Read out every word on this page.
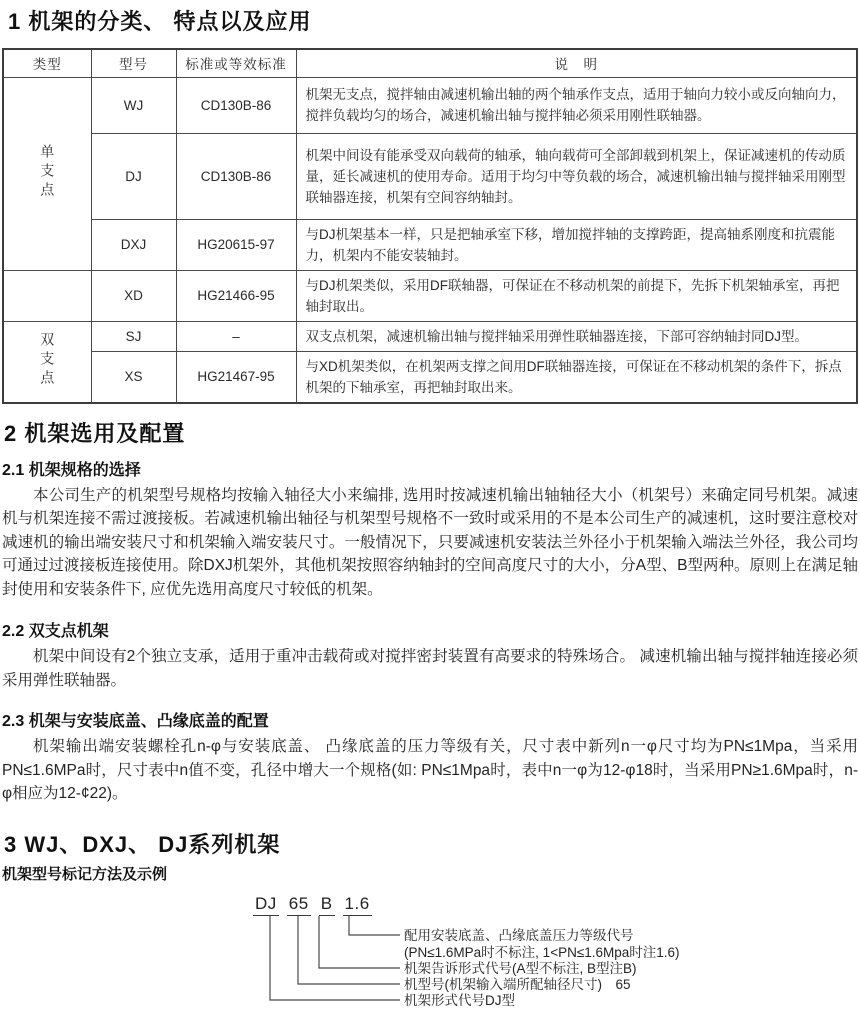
1 机架的分类、 特点以及应用
类型	型号	标准或等效标准	说　明
单支点	WJ	CD130B-86	机架无支点，搅拌轴由减速机输出轴的两个轴承作支点，适用于轴向力较小或反向轴向力，搅拌负载均匀的场合，减速机输出轴与搅拌轴必须采用刚性联轴器。
	DJ	CD130B-86	机架中间设有能承受双向载荷的轴承，轴向载荷可全部卸载到机架上，保证减速机的传动质量，延长减速机的使用寿命。适用于均匀中等负载的场合，减速机输出轴与搅拌轴采用刚型联轴器连接，机架有空间容纳轴封。
	DXJ	HG20615-97	与DJ机架基本一样，只是把轴承室下移，增加搅拌轴的支撑跨距，提高轴系刚度和抗震能力，机架内不能安装轴封。
	XD	HG21466-95	与DJ机架类似，采用DF联轴器，可保证在不移动机架的前提下，先拆下机架轴承室，再把轴封取出。
双支点	SJ	–	双支点机架，减速机输出轴与搅拌轴采用弹性联轴器连接，下部可容纳轴封同DJ型。
	XS	HG21467-95	与XD机架类似，在机架两支撑之间用DF联轴器连接，可保证在不移动机架的条件下，拆点机架的下轴承室，再把轴封取出来。
2 机架选用及配置
2.1 机架规格的选择

本公司生产的机架型号规格均按输入轴径大小来编排, 选用时按减速机输出轴轴径大小（机架号）来确定同号机架。减速机与机架连接不需过渡接板。若减速机输出轴径与机架型号规格不一致时或采用的不是本公司生产的减速机，这时要注意校对减速机的输出端安装尺寸和机架输入端安装尺寸。一般情况下，只要减速机安装法兰外径小于机架输入端法兰外径，我公司均可通过过渡接板连接使用。除DXJ机架外，其他机架按照容纳轴封的空间高度尺寸的大小，分A型、B型两种。原则上在满足轴封使用和安装条件下, 应优先选用高度尺寸较低的机架。

2.2 双支点机架

机架中间设有2个独立支承，适用于重冲击载荷或对搅拌密封装置有高要求的特殊场合。 减速机输出轴与搅拌轴连接必须采用弹性联轴器。

2.3 机架与安装底盖、凸缘底盖的配置

机架输出端安装螺栓孔n-φ与安装底盖、 凸缘底盖的压力等级有关，尺寸表中新列n一φ尺寸均为PN≤1Mpa，当采用PN≤1.6MPa时，尺寸表中n值不变，孔径中增大一个规格(如: PN≤1Mpa时，表中n一φ为12-φ18时，当采用PN≥1.6Mpa时，n-φ相应为12-¢22)。

3 WJ、DXJ、 DJ系列机架
机架型号标记方法及示例
DJ 65 B 1.6
配用安装底盖、凸缘底盖压力等级代号
(PN≤1.6MPa时不标注, 1<PN≤1.6Mpa时注1.6)
机架告诉形式代号(A型不标注, B型注B)
机型号(机架输入端所配轴径尺寸)　65
机架形式代号DJ型
